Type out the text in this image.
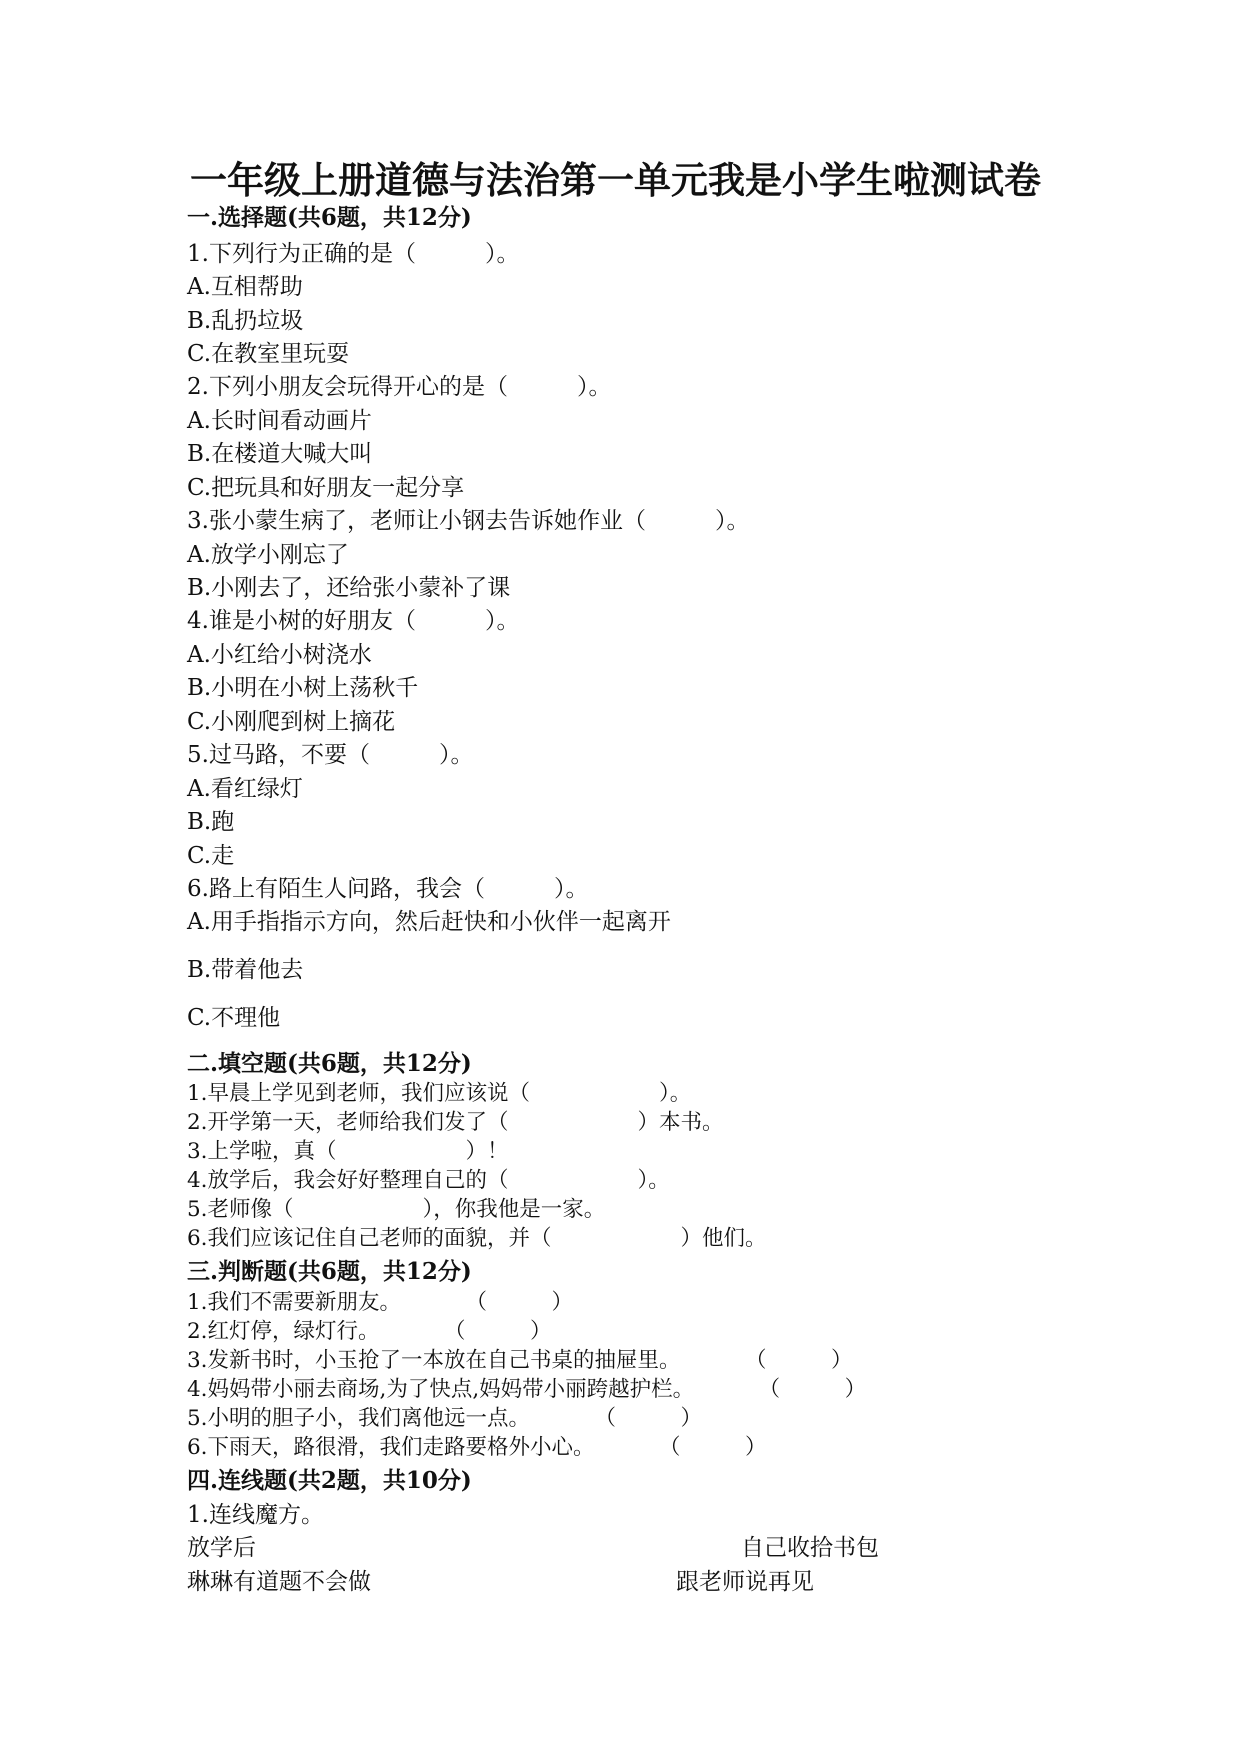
一年级上册道德与法治第一单元我是小学生啦测试卷
一.选择题(共6题，共12分)
1.下列行为正确的是（　　　）。
A.互相帮助
B.乱扔垃圾
C.在教室里玩耍
2.下列小朋友会玩得开心的是（　　　）。
A.长时间看动画片
B.在楼道大喊大叫
C.把玩具和好朋友一起分享
3.张小蒙生病了，老师让小钢去告诉她作业（　　　）。
A.放学小刚忘了
B.小刚去了，还给张小蒙补了课
4.谁是小树的好朋友（　　　）。
A.小红给小树浇水
B.小明在小树上荡秋千
C.小刚爬到树上摘花
5.过马路，不要（　　　）。
A.看红绿灯
B.跑
C.走
6.路上有陌生人问路，我会（　　　）。
A.用手指指示方向，然后赶快和小伙伴一起离开
B.带着他去
C.不理他
二.填空题(共6题，共12分)
1.早晨上学见到老师，我们应该说（　　　　　　）。
2.开学第一天，老师给我们发了（　　　　　　）本书。
3.上学啦，真（　　　　　　）！
4.放学后，我会好好整理自己的（　　　　　　）。
5.老师像（　　　　　　），你我他是一家。
6.我们应该记住自己老师的面貌，并（　　　　　　）他们。
三.判断题(共6题，共12分)
1.我们不需要新朋友。　　　　（　　　）
2.红灯停，绿灯行。　　　　（　　　）
3.发新书时，小玉抢了一本放在自己书桌的抽屉里。　　　　（　　　）
4.妈妈带小丽去商场,为了快点,妈妈带小丽跨越护栏。　　　　（　　　）
5.小明的胆子小，我们离他远一点。　　　　（　　　）
6.下雨天，路很滑，我们走路要格外小心。　　　　（　　　）
四.连线题(共2题，共10分)
1.连线魔方。
放学后	自己收拾书包
琳琳有道题不会做	跟老师说再见
